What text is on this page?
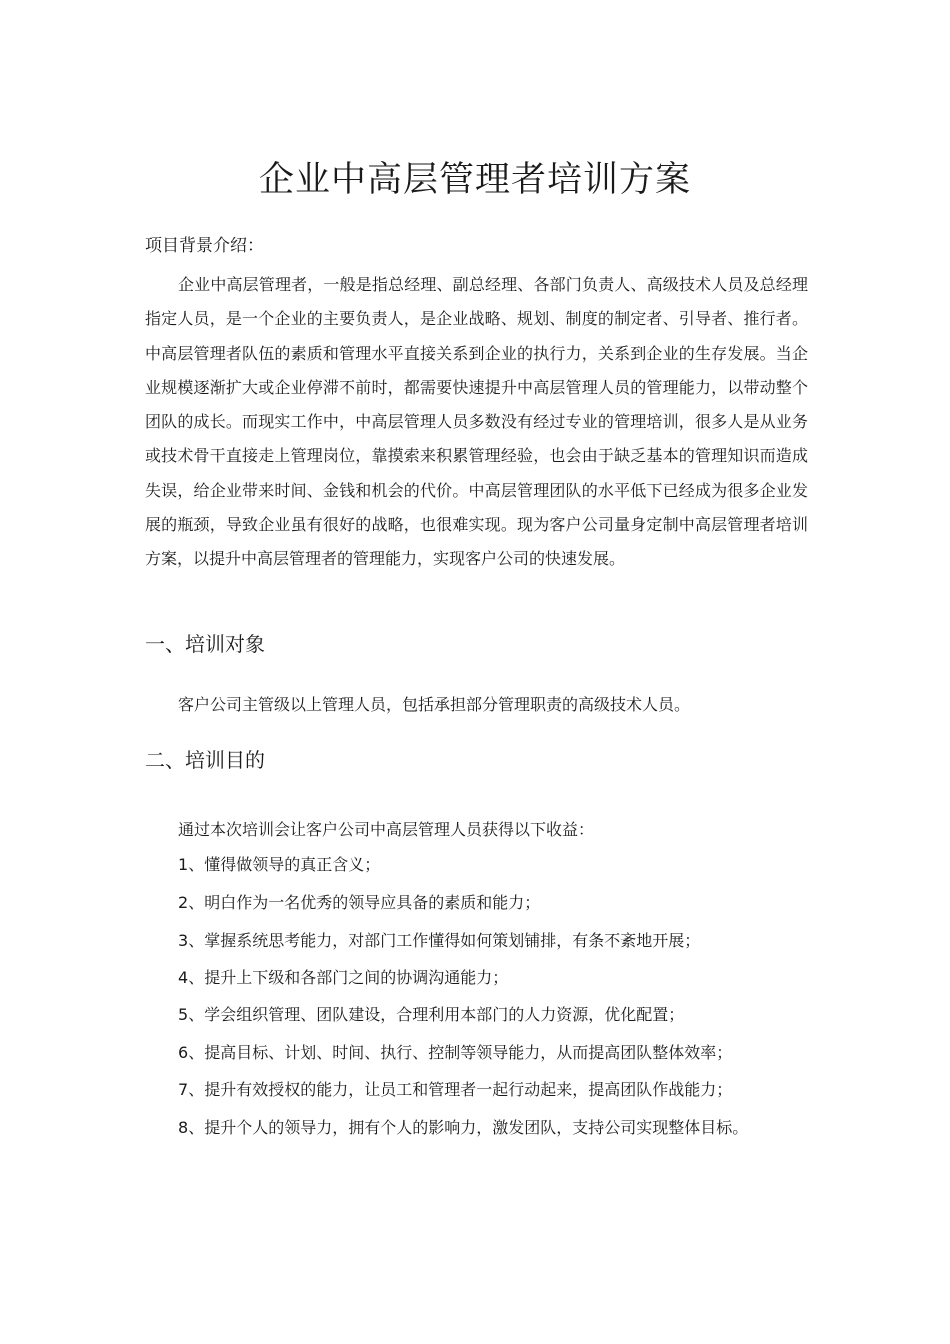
企业中高层管理者培训方案
项目背景介绍：

企业中高层管理者，一般是指总经理、副总经理、各部门负责人、高级技术人员及总经理指定人员，是一个企业的主要负责人，是企业战略、规划、制度的制定者、引导者、推行者。中高层管理者队伍的素质和管理水平直接关系到企业的执行力，关系到企业的生存发展。当企业规模逐渐扩大或企业停滞不前时，都需要快速提升中高层管理人员的管理能力，以带动整个团队的成长。而现实工作中，中高层管理人员多数没有经过专业的管理培训，很多人是从业务或技术骨干直接走上管理岗位，靠摸索来积累管理经验，也会由于缺乏基本的管理知识而造成失误，给企业带来时间、金钱和机会的代价。中高层管理团队的水平低下已经成为很多企业发展的瓶颈，导致企业虽有很好的战略，也很难实现。现为客户公司量身定制中高层管理者培训方案，以提升中高层管理者的管理能力，实现客户公司的快速发展。

一、培训对象
客户公司主管级以上管理人员，包括承担部分管理职责的高级技术人员。
二、培训目的
通过本次培训会让客户公司中高层管理人员获得以下收益：
1、懂得做领导的真正含义；
2、明白作为一名优秀的领导应具备的素质和能力；
3、掌握系统思考能力，对部门工作懂得如何策划铺排，有条不紊地开展；
4、提升上下级和各部门之间的协调沟通能力；
5、学会组织管理、团队建设，合理利用本部门的人力资源，优化配置；
6、提高目标、计划、时间、执行、控制等领导能力，从而提高团队整体效率；
7、提升有效授权的能力，让员工和管理者一起行动起来，提高团队作战能力；
8、提升个人的领导力，拥有个人的影响力，激发团队，支持公司实现整体目标。
